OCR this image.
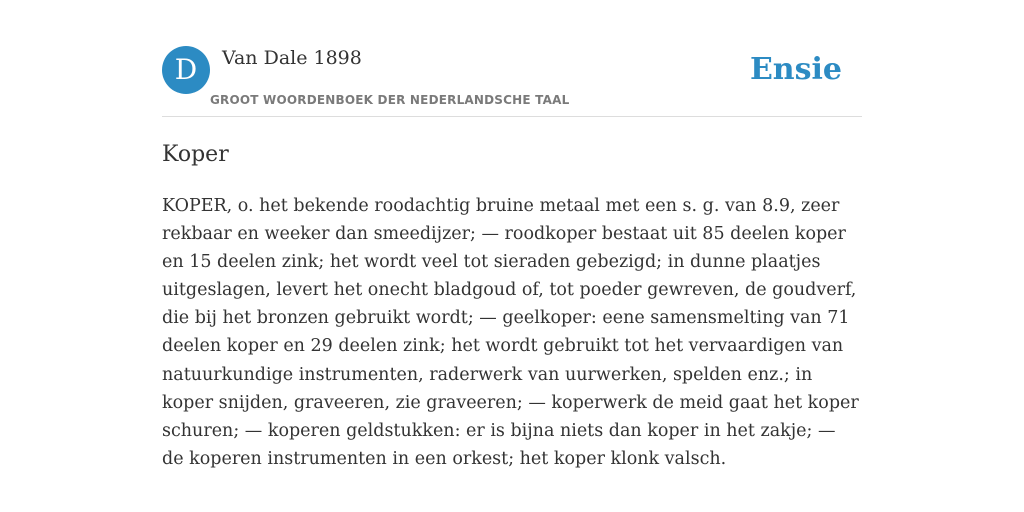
D	Van Dale 1898
GROOT WOORDENBOEK DER NEDERLANDSCHE TAAL
Ensie
Koper

KOPER, o. het bekende roodachtig bruine metaal met een s. g. van 8.9, zeer rekbaar en weeker dan smeedijzer; — roodkoper bestaat uit 85 deelen koper en 15 deelen zink; het wordt veel tot sieraden gebezigd; in dunne plaatjes uitgeslagen, levert het onecht bladgoud of, tot poeder gewreven, de goudverf, die bij het bronzen gebruikt wordt; — geelkoper: eene samensmelting van 71 deelen koper en 29 deelen zink; het wordt gebruikt tot het vervaardigen van natuurkundige instrumenten, raderwerk van uurwerken, spelden enz.; in koper snijden, graveeren, zie graveeren; — koperwerk de meid gaat het koper schuren; — koperen geldstukken: er is bijna niets dan koper in het zakje; — de koperen instrumenten in een orkest; het koper klonk valsch.
